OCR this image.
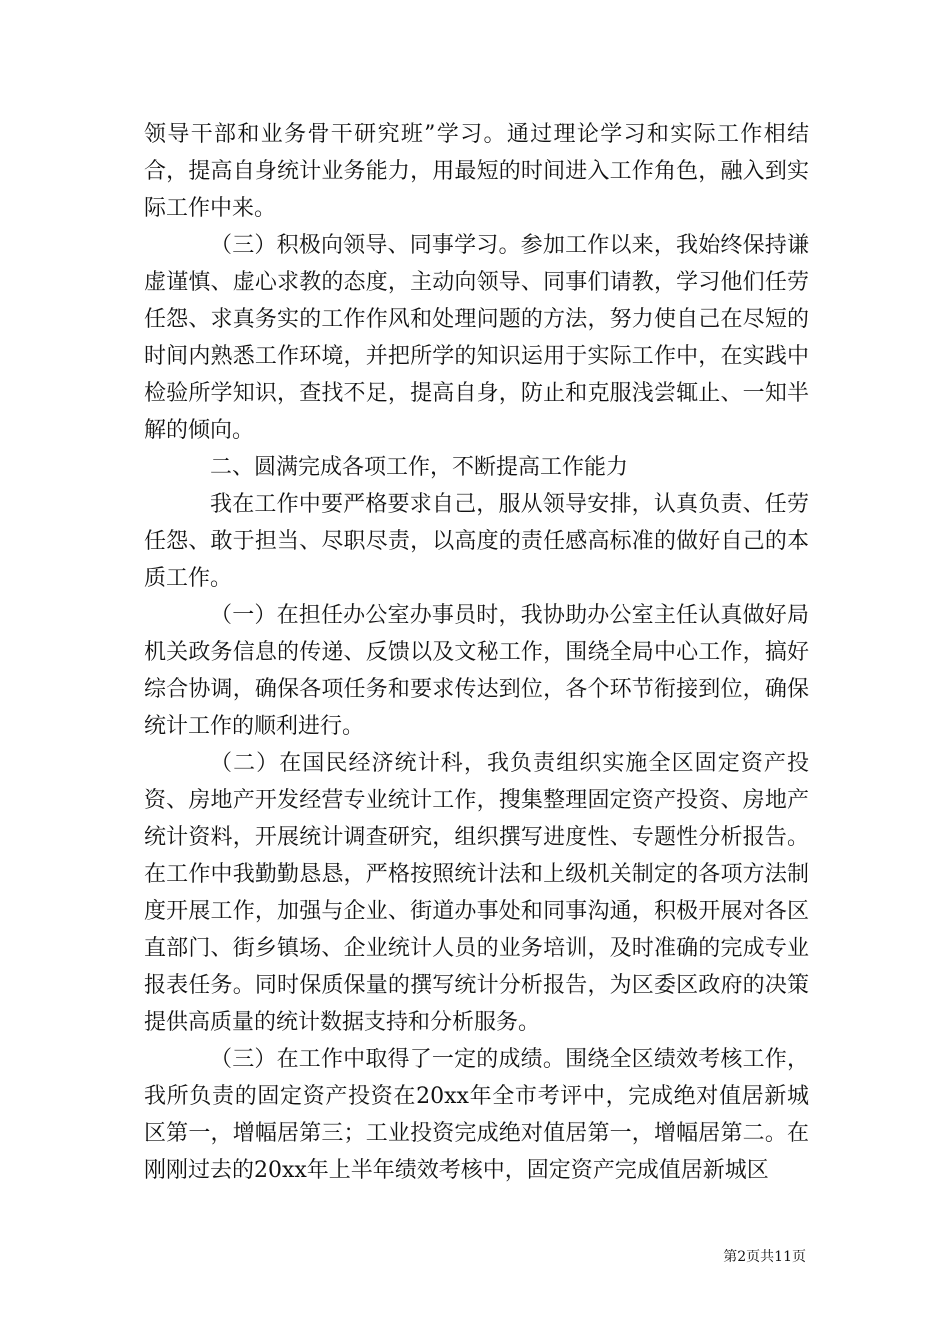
领导干部和业务骨干研究班”学习。通过理论学习和实际工作相结合，提高自身统计业务能力，用最短的时间进入工作角色，融入到实际工作中来。

（三）积极向领导、同事学习。参加工作以来，我始终保持谦虚谨慎、虚心求教的态度，主动向领导、同事们请教，学习他们任劳任怨、求真务实的工作作风和处理问题的方法，努力使自己在尽短的时间内熟悉工作环境，并把所学的知识运用于实际工作中，在实践中检验所学知识，查找不足，提高自身，防止和克服浅尝辄止、一知半解的倾向。

二、圆满完成各项工作，不断提高工作能力

我在工作中要严格要求自己，服从领导安排，认真负责、任劳任怨、敢于担当、尽职尽责，以高度的责任感高标准的做好自己的本质工作。

（一）在担任办公室办事员时，我协助办公室主任认真做好局机关政务信息的传递、反馈以及文秘工作，围绕全局中心工作，搞好综合协调，确保各项任务和要求传达到位，各个环节衔接到位，确保统计工作的顺利进行。

（二）在国民经济统计科，我负责组织实施全区固定资产投资、房地产开发经营专业统计工作，搜集整理固定资产投资、房地产统计资料，开展统计调查研究，组织撰写进度性、专题性分析报告。在工作中我勤勤恳恳，严格按照统计法和上级机关制定的各项方法制度开展工作，加强与企业、街道办事处和同事沟通，积极开展对各区直部门、街乡镇场、企业统计人员的业务培训，及时准确的完成专业报表任务。同时保质保量的撰写统计分析报告，为区委区政府的决策提供高质量的统计数据支持和分析服务。

（三）在工作中取得了一定的成绩。围绕全区绩效考核工作，我所负责的固定资产投资在20xx年全市考评中，完成绝对值居新城区第一，增幅居第三；工业投资完成绝对值居第一，增幅居第二。在刚刚过去的20xx年上半年绩效考核中，固定资产完成值居新城区

第2页共11页
